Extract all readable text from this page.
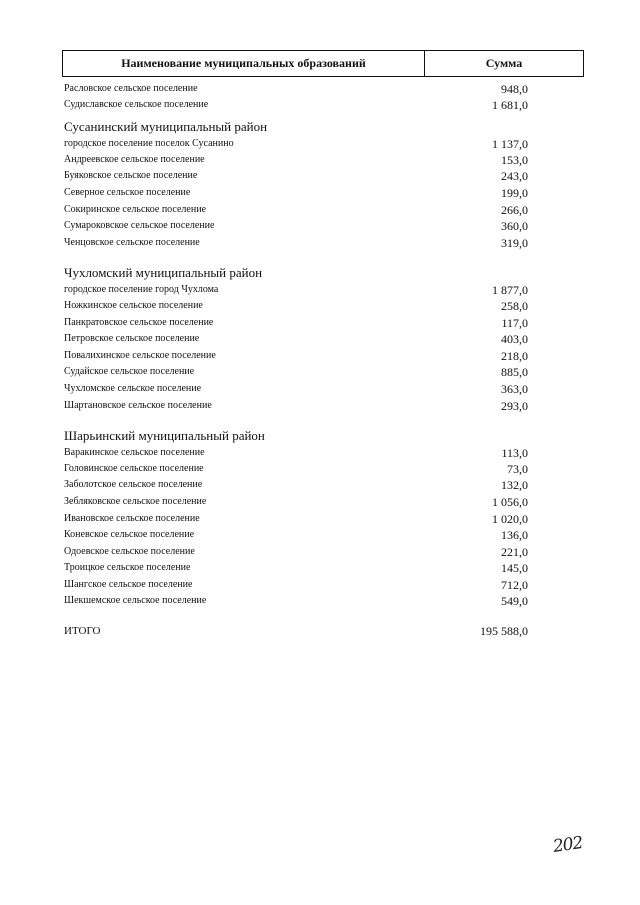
Наименование муниципальных образований	Сумма
Расловское сельское поселение	948,0
Судиславское сельское поселение	1 681,0
Сусанинский муниципальный район
городское поселение поселок Сусанино	1 137,0
Андреевское сельское поселение	153,0
Буяковское сельское поселение	243,0
Северное сельское поселение	199,0
Сокиринское сельское поселение	266,0
Сумароковское сельское поселение	360,0
Ченцовское сельское поселение	319,0
Чухломский муниципальный район
городское поселение город Чухлома	1 877,0
Ножкинское сельское поселение	258,0
Панкратовское сельское поселение	117,0
Петровское сельское поселение	403,0
Повалихинское сельское поселение	218,0
Судайское сельское поселение	885,0
Чухломское сельское поселение	363,0
Шартановское сельское поселение	293,0
Шарьинский муниципальный район
Варакинское сельское поселение	113,0
Головинское сельское поселение	73,0
Заболотское сельское поселение	132,0
Зебляковское сельское поселение	1 056,0
Ивановское сельское поселение	1 020,0
Коневское сельское поселение	136,0
Одоевское сельское поселение	221,0
Троицкое сельское поселение	145,0
Шангское сельское поселение	712,0
Шекшемское сельское поселение	549,0
ИТОГО	195 588,0
202
